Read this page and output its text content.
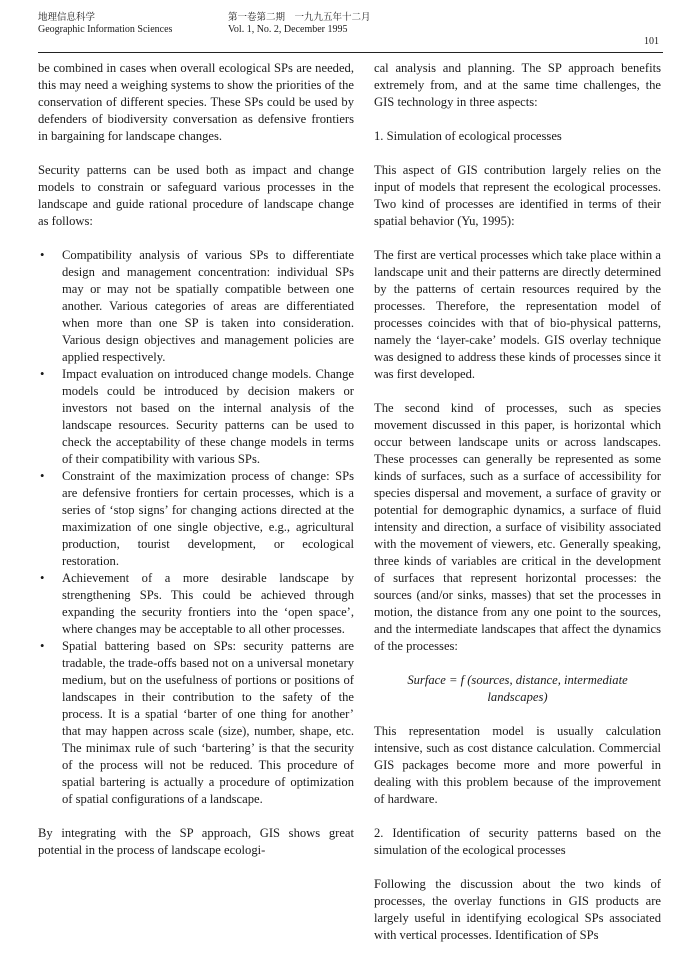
地理信息科学
Geographic Information Sciences
第一卷第二期　一九九五年十二月
Vol. 1, No. 2, December 1995
101

be combined in cases when overall ecological SPs are needed, this may need a weighing systems to show the priorities of the conservation of different species. These SPs could be used by defenders of biodiversity conversation as defensive frontiers in bargaining for landscape changes.

Security patterns can be used both as impact and change models to constrain or safeguard various processes in the landscape and guide rational procedure of landscape change as follows:

• Compatibility analysis of various SPs to differentiate design and management concentration: individual SPs may or may not be spatially compatible between one another. Various categories of areas are differentiated when more than one SP is taken into consideration. Various design objectives and management policies are applied respectively.
• Impact evaluation on introduced change models. Change models could be introduced by decision makers or investors not based on the internal analysis of the landscape resources. Security patterns can be used to check the acceptability of these change models in terms of their compatibility with various SPs.
• Constraint of the maximization process of change: SPs are defensive frontiers for certain processes, which is a series of ‘stop signs’ for changing actions directed at the maximization of one single objective, e.g., agricultural production, tourist development, or ecological restoration.
• Achievement of a more desirable landscape by strengthening SPs. This could be achieved through expanding the security frontiers into the ‘open space’, where changes may be acceptable to all other processes.
• Spatial battering based on SPs: security patterns are tradable, the trade-offs based not on a universal monetary medium, but on the usefulness of portions or positions of landscapes in their contribution to the safety of the process. It is a spatial ‘barter of one thing for another’ that may happen across scale (size), number, shape, etc. The minimax rule of such ‘bartering’ is that the security of the process will not be reduced. This procedure of spatial bartering is actually a procedure of optimization of spatial configurations of a landscape.

By integrating with the SP approach, GIS shows great potential in the process of landscape ecologi-

cal analysis and planning. The SP approach benefits extremely from, and at the same time challenges, the GIS technology in three aspects:

1. Simulation of ecological processes

This aspect of GIS contribution largely relies on the input of models that represent the ecological processes. Two kind of processes are identified in terms of their spatial behavior (Yu, 1995):

The first are vertical processes which take place within a landscape unit and their patterns are directly determined by the patterns of certain resources required by the processes. Therefore, the representation model of processes coincides with that of bio-physical patterns, namely the ‘layer-cake’ models. GIS overlay technique was designed to address these kinds of processes since it was first developed.

The second kind of processes, such as species movement discussed in this paper, is horizontal which occur between landscape units or across landscapes. These processes can generally be represented as some kinds of surfaces, such as a surface of accessibility for species dispersal and movement, a surface of gravity or potential for demographic dynamics, a surface of fluid intensity and direction, a surface of visibility associated with the movement of viewers, etc. Generally speaking, three kinds of variables are critical in the development of surfaces that represent horizontal processes: the sources (and/or sinks, masses) that set the processes in motion, the distance from any one point to the sources, and the intermediate landscapes that affect the dynamics of the processes:

Surface = f (sources, distance, intermediate landscapes)

This representation model is usually calculation intensive, such as cost distance calculation. Commercial GIS packages become more and more powerful in dealing with this problem because of the improvement of hardware.

2. Identification of security patterns based on the simulation of the ecological processes

Following the discussion about the two kinds of processes, the overlay functions in GIS products are largely useful in identifying ecological SPs associated with vertical processes. Identification of SPs
